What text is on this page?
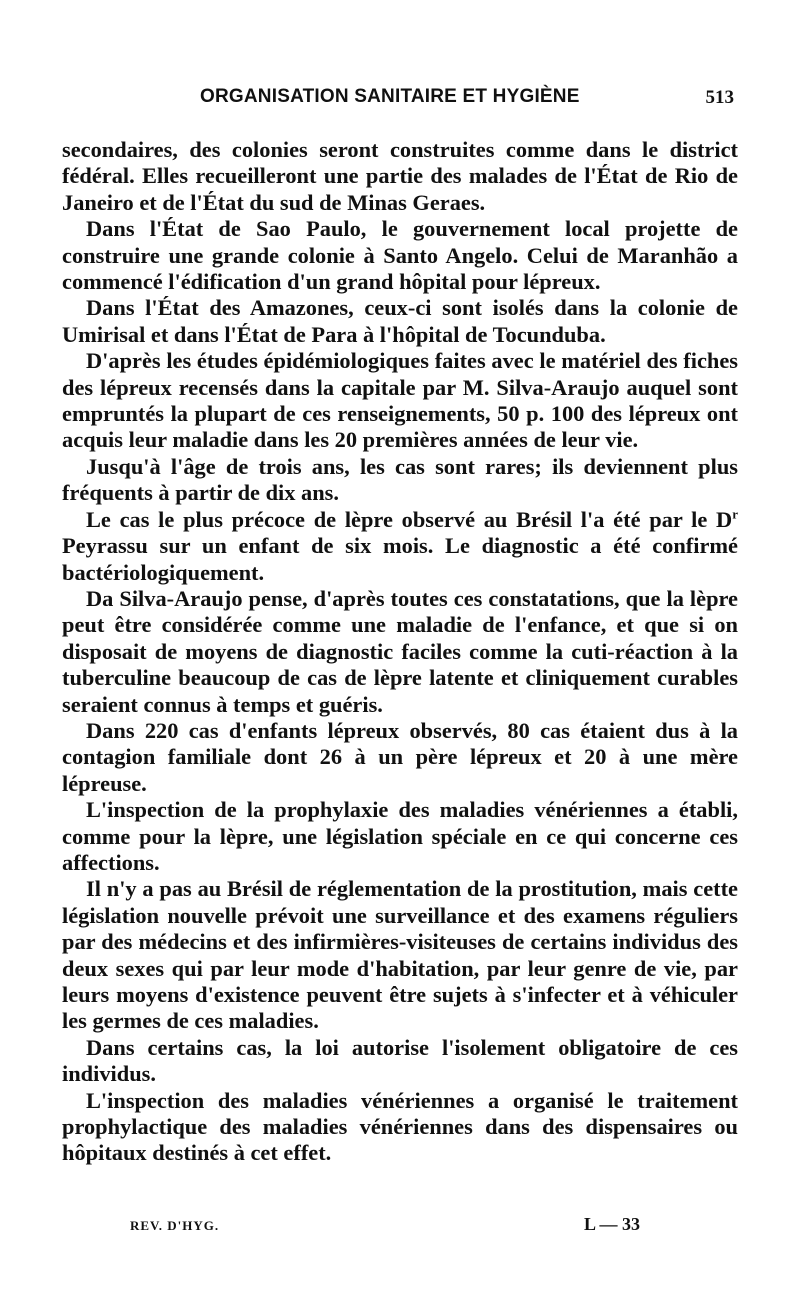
ORGANISATION SANITAIRE ET HYGIÈNE	513

secondaires, des colonies seront construites comme dans le district fédéral. Elles recueilleront une partie des malades de l'État de Rio de Janeiro et de l'État du sud de Minas Geraes.

Dans l'État de Sao Paulo, le gouvernement local projette de construire une grande colonie à Santo Angelo. Celui de Maranhão a commencé l'édification d'un grand hôpital pour lépreux.

Dans l'État des Amazones, ceux-ci sont isolés dans la colonie de Umirisal et dans l'État de Para à l'hôpital de Tocunduba.

D'après les études épidémiologiques faites avec le matériel des fiches des lépreux recensés dans la capitale par M. Silva-Araujo auquel sont empruntés la plupart de ces renseignements, 50 p. 100 des lépreux ont acquis leur maladie dans les 20 premières années de leur vie.

Jusqu'à l'âge de trois ans, les cas sont rares; ils deviennent plus fréquents à partir de dix ans.

Le cas le plus précoce de lèpre observé au Brésil l'a été par le $D^r$ Peyrassu sur un enfant de six mois. Le diagnostic a été confirmé bactériologiquement.

Da Silva-Araujo pense, d'après toutes ces constatations, que la lèpre peut être considérée comme une maladie de l'enfance, et que si on disposait de moyens de diagnostic faciles comme la cuti-réaction à la tuberculine beaucoup de cas de lèpre latente et cliniquement curables seraient connus à temps et guéris.

Dans 220 cas d'enfants lépreux observés, 80 cas étaient dus à la contagion familiale dont 26 à un père lépreux et 20 à une mère lépreuse.

L'inspection de la prophylaxie des maladies vénériennes a établi, comme pour la lèpre, une législation spéciale en ce qui concerne ces affections.

Il n'y a pas au Brésil de réglementation de la prostitution, mais cette législation nouvelle prévoit une surveillance et des examens réguliers par des médecins et des infirmières-visiteuses de certains individus des deux sexes qui par leur mode d'habitation, par leur genre de vie, par leurs moyens d'existence peuvent être sujets à s'infecter et à véhiculer les germes de ces maladies.

Dans certains cas, la loi autorise l'isolement obligatoire de ces individus.

L'inspection des maladies vénériennes a organisé le traitement prophylactique des maladies vénériennes dans des dispensaires ou hôpitaux destinés à cet effet.

REV. D'HYG.	L — 33
